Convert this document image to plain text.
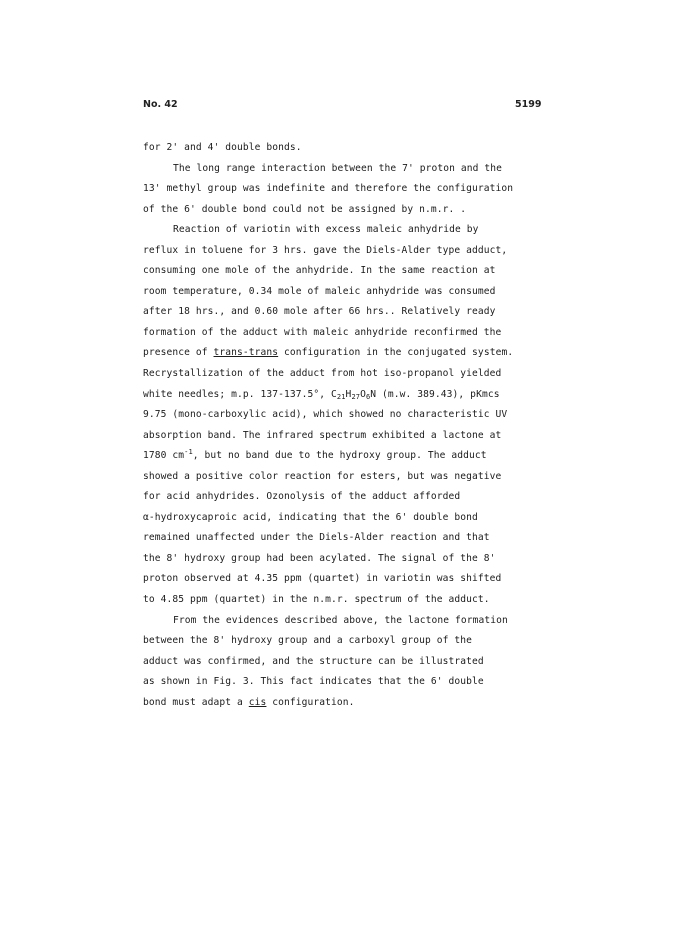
No. 42	5199
for 2' and 4' double bonds.
The long range interaction between the 7' proton and the
13' methyl group was indefinite and therefore the configuration
of the 6' double bond could not be assigned by n.m.r. .
Reaction of variotin with excess maleic anhydride by
reflux in toluene for 3 hrs. gave the Diels-Alder type adduct,
consuming one mole of the anhydride. In the same reaction at
room temperature, 0.34 mole of maleic anhydride was consumed
after 18 hrs., and 0.60 mole after 66 hrs.. Relatively ready
formation of the adduct with maleic anhydride reconfirmed the
presence of trans-trans configuration in the conjugated system.
Recrystallization of the adduct from hot iso-propanol yielded
white needles; m.p. 137-137.5°, $C_{21}H_{27}O_6N$ (m.w. 389.43), pKmcs
9.75 (mono-carboxylic acid), which showed no characteristic UV
absorption band. The infrared spectrum exhibited a lactone at
1780 $cm^{-1}$, but no band due to the hydroxy group. The adduct
showed a positive color reaction for esters, but was negative
for acid anhydrides. Ozonolysis of the adduct afforded
α-hydroxycaproic acid, indicating that the 6' double bond
remained unaffected under the Diels-Alder reaction and that
the 8' hydroxy group had been acylated. The signal of the 8'
proton observed at 4.35 ppm (quartet) in variotin was shifted
to 4.85 ppm (quartet) in the n.m.r. spectrum of the adduct.
From the evidences described above, the lactone formation
between the 8' hydroxy group and a carboxyl group of the
adduct was confirmed, and the structure can be illustrated
as shown in Fig. 3. This fact indicates that the 6' double
bond must adapt a cis configuration.
